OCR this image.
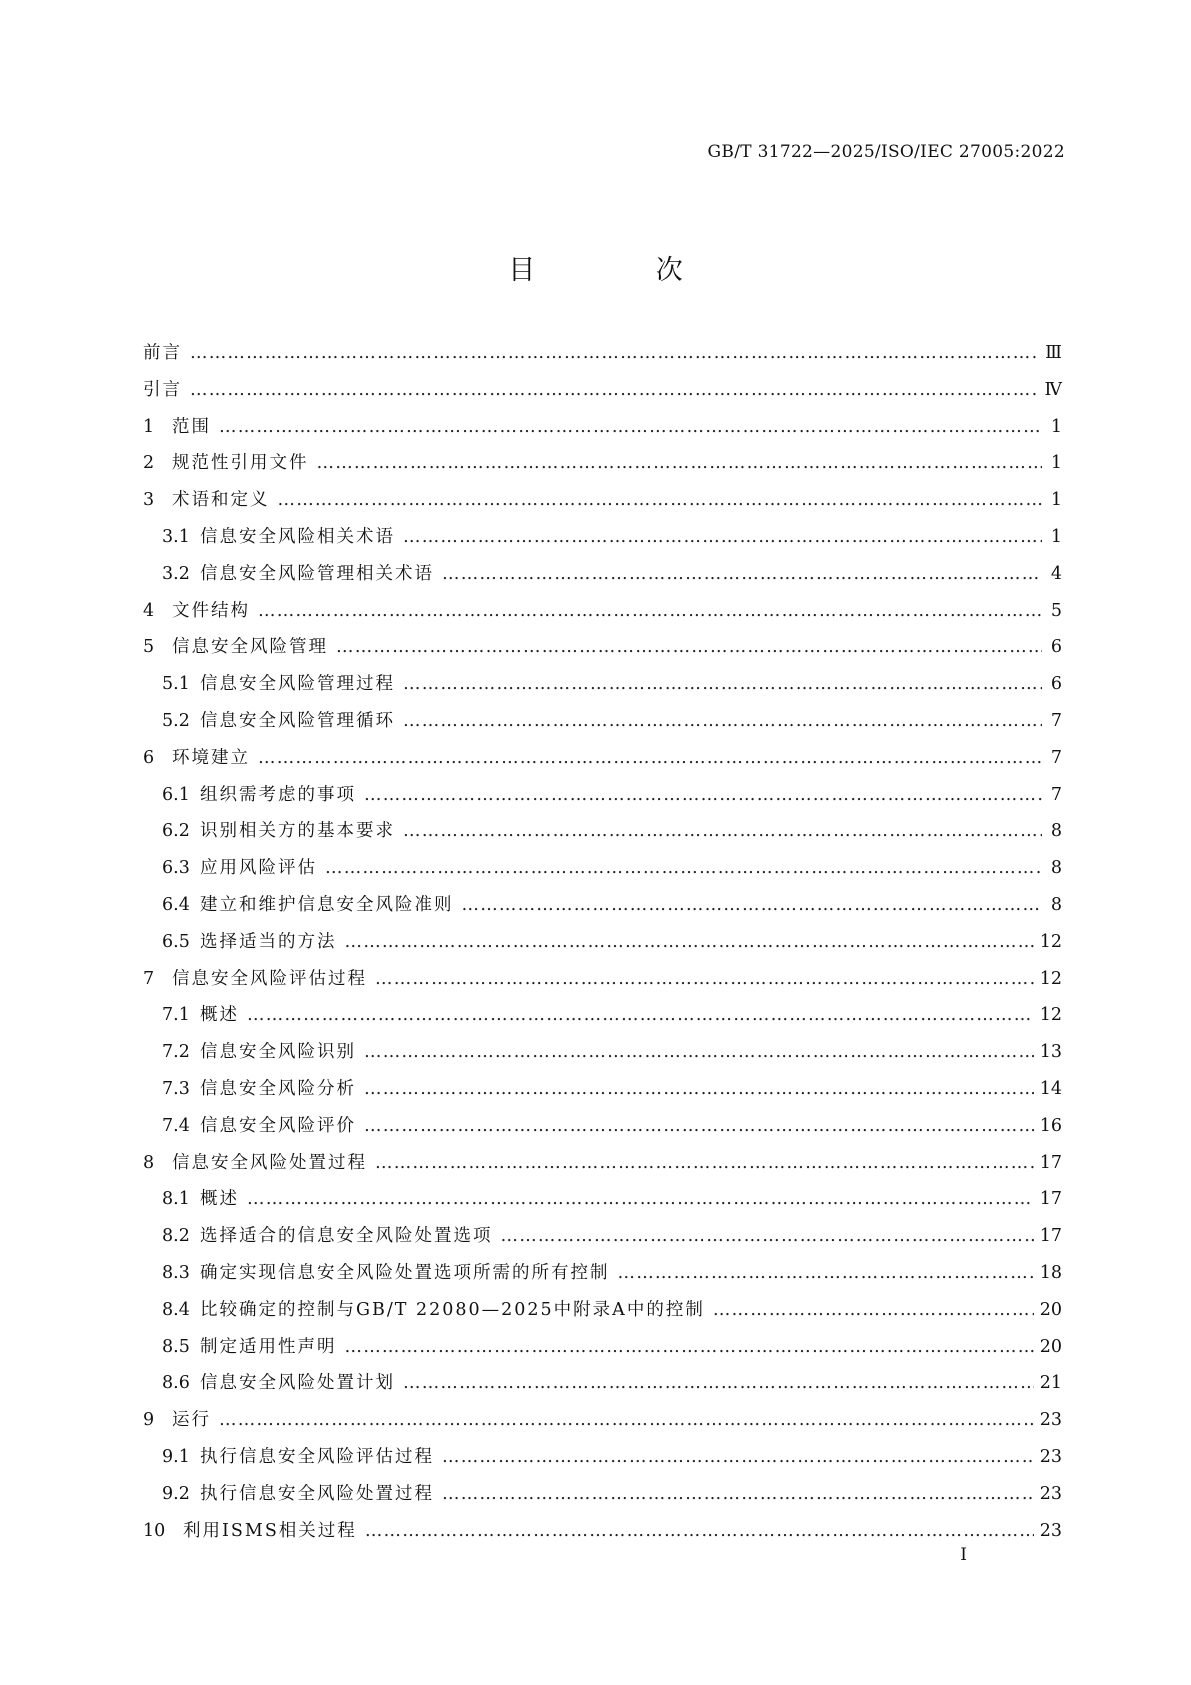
GB/T 31722—2025/ISO/IEC 27005:2022
目 次
前言 ………………………………………………………………………………………………………………………………………………………………………………………………………………………………	Ⅲ
引言 ………………………………………………………………………………………………………………………………………………………………………………………………………………………………	Ⅳ
1	范围 ………………………………………………………………………………………………………………………………………………………………………………………………………………………………	1
2	规范性引用文件 ………………………………………………………………………………………………………………………………………………………………………………………………………………………………	1
3	术语和定义 ………………………………………………………………………………………………………………………………………………………………………………………………………………………………	1
3.1 信息安全风险相关术语 ………………………………………………………………………………………………………………………………………………………………………………………………………………………………	1
3.2 信息安全风险管理相关术语 ………………………………………………………………………………………………………………………………………………………………………………………………………………………………	4
4	文件结构 ………………………………………………………………………………………………………………………………………………………………………………………………………………………………	5
5	信息安全风险管理 ………………………………………………………………………………………………………………………………………………………………………………………………………………………………	6
5.1 信息安全风险管理过程 ………………………………………………………………………………………………………………………………………………………………………………………………………………………………	6
5.2 信息安全风险管理循环 ………………………………………………………………………………………………………………………………………………………………………………………………………………………………	7
6	环境建立 ………………………………………………………………………………………………………………………………………………………………………………………………………………………………	7
6.1 组织需考虑的事项 ………………………………………………………………………………………………………………………………………………………………………………………………………………………………	7
6.2 识别相关方的基本要求 ………………………………………………………………………………………………………………………………………………………………………………………………………………………………	8
6.3 应用风险评估 ………………………………………………………………………………………………………………………………………………………………………………………………………………………………	8
6.4 建立和维护信息安全风险准则 ………………………………………………………………………………………………………………………………………………………………………………………………………………………………	8
6.5 选择适当的方法 ………………………………………………………………………………………………………………………………………………………………………………………………………………………………	12
7	信息安全风险评估过程 ………………………………………………………………………………………………………………………………………………………………………………………………………………………………	12
7.1 概述 ………………………………………………………………………………………………………………………………………………………………………………………………………………………………	12
7.2 信息安全风险识别 ………………………………………………………………………………………………………………………………………………………………………………………………………………………………	13
7.3 信息安全风险分析 ………………………………………………………………………………………………………………………………………………………………………………………………………………………………	14
7.4 信息安全风险评价 ………………………………………………………………………………………………………………………………………………………………………………………………………………………………	16
8	信息安全风险处置过程 ………………………………………………………………………………………………………………………………………………………………………………………………………………………………	17
8.1 概述 ………………………………………………………………………………………………………………………………………………………………………………………………………………………………	17
8.2 选择适合的信息安全风险处置选项 ………………………………………………………………………………………………………………………………………………………………………………………………………………………………	17
8.3 确定实现信息安全风险处置选项所需的所有控制 ………………………………………………………………………………………………………………………………………………………………………………………………………………………………	18
8.4 比较确定的控制与GB/T 22080—2025中附录A中的控制 ………………………………………………………………………………………………………………………………………………………………………………………………………………………………	20
8.5 制定适用性声明 ………………………………………………………………………………………………………………………………………………………………………………………………………………………………	20
8.6 信息安全风险处置计划 ………………………………………………………………………………………………………………………………………………………………………………………………………………………………	21
9	运行 ………………………………………………………………………………………………………………………………………………………………………………………………………………………………	23
9.1 执行信息安全风险评估过程 ………………………………………………………………………………………………………………………………………………………………………………………………………………………………	23
9.2 执行信息安全风险处置过程 ………………………………………………………………………………………………………………………………………………………………………………………………………………………………	23
10	利用ISMS相关过程 ………………………………………………………………………………………………………………………………………………………………………………………………………………………………	23
I
